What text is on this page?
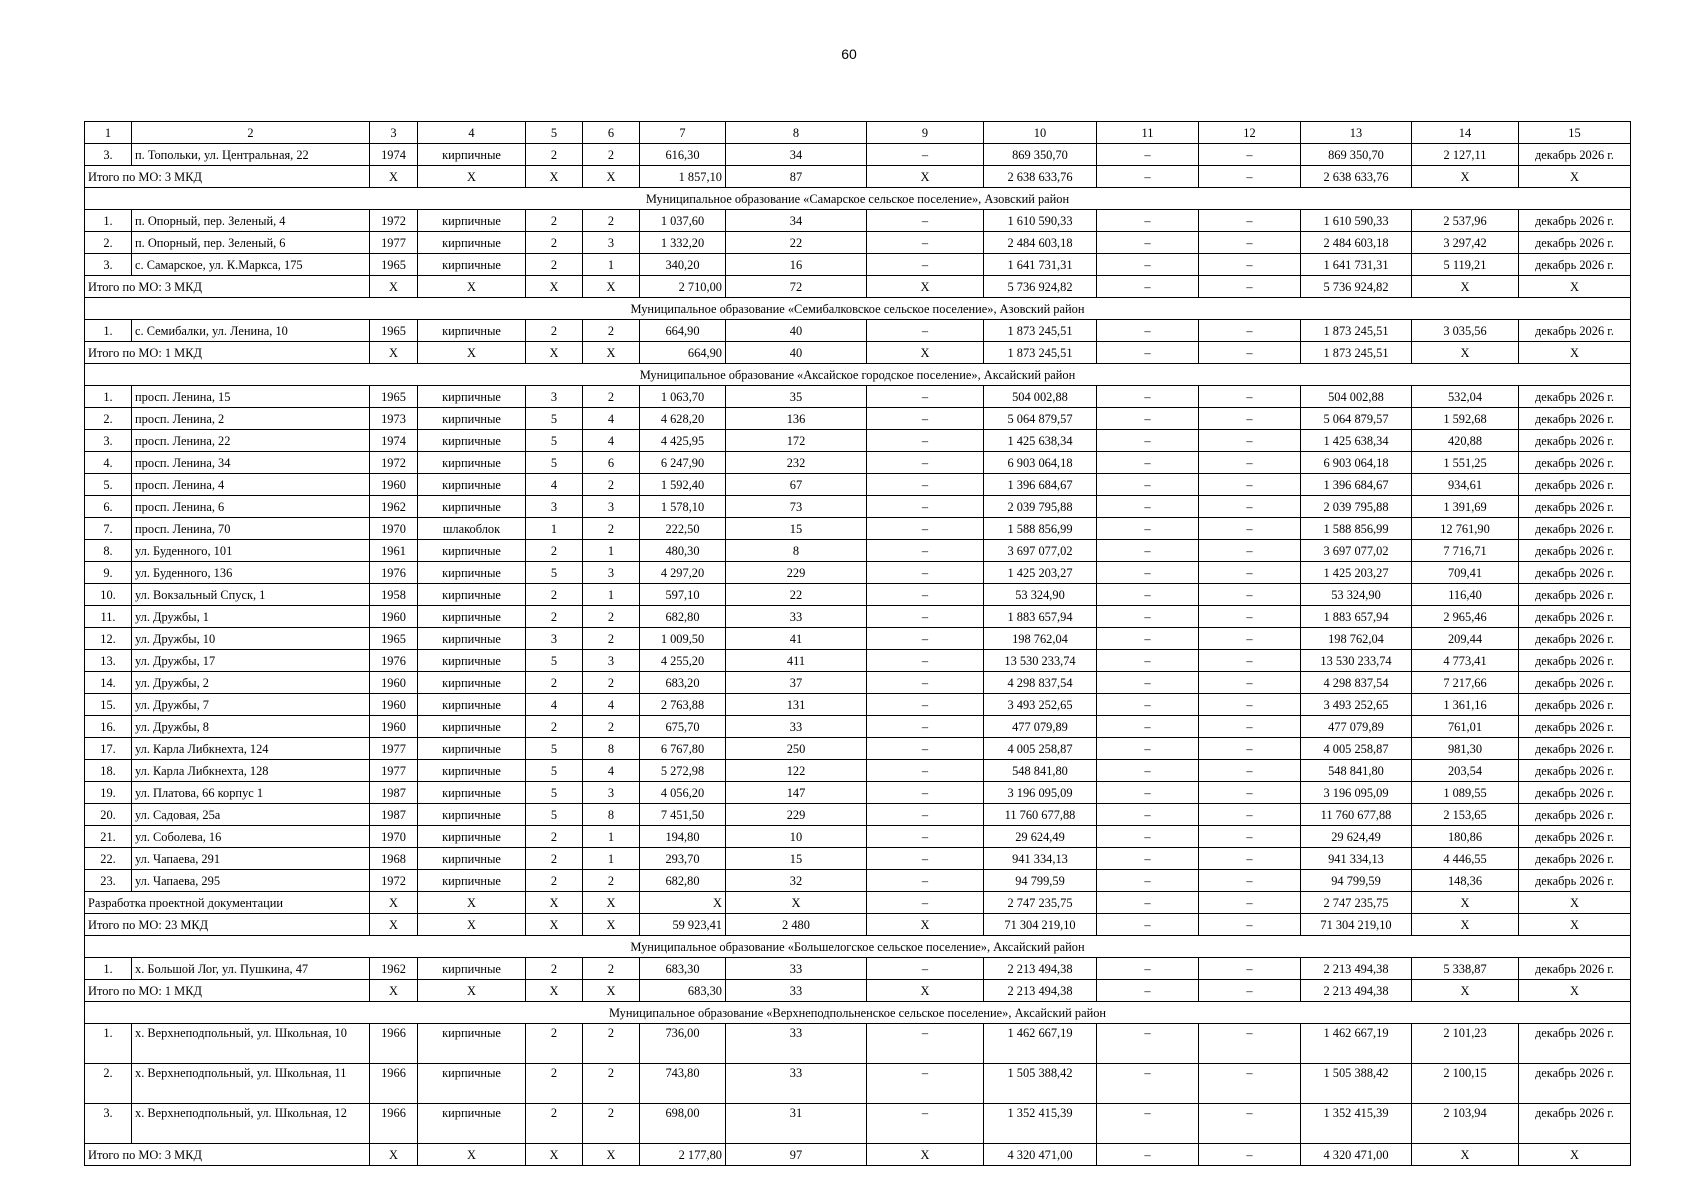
60
1	2	3	4	5	6	7	8	9	10	11	12	13	14	15
3.	п. Топольки, ул. Центральная, 22	1974	кирпичные	2	2	616,30	34	–	869 350,70	–	–	869 350,70	2 127,11	декабрь 2026 г.
Итого по МО: 3 МКД		X	X	X	X	1 857,10	87	X	2 638 633,76	–	–	2 638 633,76	X	X
Муниципальное образование «Самарское сельское поселение», Азовский район														
1.	п. Опорный, пер. Зеленый, 4	1972	кирпичные	2	2	1 037,60	34	–	1 610 590,33	–	–	1 610 590,33	2 537,96	декабрь 2026 г.
2.	п. Опорный, пер. Зеленый, 6	1977	кирпичные	2	3	1 332,20	22	–	2 484 603,18	–	–	2 484 603,18	3 297,42	декабрь 2026 г.
3.	с. Самарское, ул. К.Маркса, 175	1965	кирпичные	2	1	340,20	16	–	1 641 731,31	–	–	1 641 731,31	5 119,21	декабрь 2026 г.
Итого по МО: 3 МКД		X	X	X	X	2 710,00	72	X	5 736 924,82	–	–	5 736 924,82	X	X
Муниципальное образование «Семибалковское сельское поселение», Азовский район														
1.	с. Семибалки, ул. Ленина, 10	1965	кирпичные	2	2	664,90	40	–	1 873 245,51	–	–	1 873 245,51	3 035,56	декабрь 2026 г.
Итого по МО: 1 МКД		X	X	X	X	664,90	40	X	1 873 245,51	–	–	1 873 245,51	X	X
Муниципальное образование «Аксайское городское поселение», Аксайский район														
1.	просп. Ленина, 15	1965	кирпичные	3	2	1 063,70	35	–	504 002,88	–	–	504 002,88	532,04	декабрь 2026 г.
2.	просп. Ленина, 2	1973	кирпичные	5	4	4 628,20	136	–	5 064 879,57	–	–	5 064 879,57	1 592,68	декабрь 2026 г.
3.	просп. Ленина, 22	1974	кирпичные	5	4	4 425,95	172	–	1 425 638,34	–	–	1 425 638,34	420,88	декабрь 2026 г.
4.	просп. Ленина, 34	1972	кирпичные	5	6	6 247,90	232	–	6 903 064,18	–	–	6 903 064,18	1 551,25	декабрь 2026 г.
5.	просп. Ленина, 4	1960	кирпичные	4	2	1 592,40	67	–	1 396 684,67	–	–	1 396 684,67	934,61	декабрь 2026 г.
6.	просп. Ленина, 6	1962	кирпичные	3	3	1 578,10	73	–	2 039 795,88	–	–	2 039 795,88	1 391,69	декабрь 2026 г.
7.	просп. Ленина, 70	1970	шлакоблок	1	2	222,50	15	–	1 588 856,99	–	–	1 588 856,99	12 761,90	декабрь 2026 г.
8.	ул. Буденного, 101	1961	кирпичные	2	1	480,30	8	–	3 697 077,02	–	–	3 697 077,02	7 716,71	декабрь 2026 г.
9.	ул. Буденного, 136	1976	кирпичные	5	3	4 297,20	229	–	1 425 203,27	–	–	1 425 203,27	709,41	декабрь 2026 г.
10.	ул. Вокзальный Спуск, 1	1958	кирпичные	2	1	597,10	22	–	53 324,90	–	–	53 324,90	116,40	декабрь 2026 г.
11.	ул. Дружбы, 1	1960	кирпичные	2	2	682,80	33	–	1 883 657,94	–	–	1 883 657,94	2 965,46	декабрь 2026 г.
12.	ул. Дружбы, 10	1965	кирпичные	3	2	1 009,50	41	–	198 762,04	–	–	198 762,04	209,44	декабрь 2026 г.
13.	ул. Дружбы, 17	1976	кирпичные	5	3	4 255,20	411	–	13 530 233,74	–	–	13 530 233,74	4 773,41	декабрь 2026 г.
14.	ул. Дружбы, 2	1960	кирпичные	2	2	683,20	37	–	4 298 837,54	–	–	4 298 837,54	7 217,66	декабрь 2026 г.
15.	ул. Дружбы, 7	1960	кирпичные	4	4	2 763,88	131	–	3 493 252,65	–	–	3 493 252,65	1 361,16	декабрь 2026 г.
16.	ул. Дружбы, 8	1960	кирпичные	2	2	675,70	33	–	477 079,89	–	–	477 079,89	761,01	декабрь 2026 г.
17.	ул. Карла Либкнехта, 124	1977	кирпичные	5	8	6 767,80	250	–	4 005 258,87	–	–	4 005 258,87	981,30	декабрь 2026 г.
18.	ул. Карла Либкнехта, 128	1977	кирпичные	5	4	5 272,98	122	–	548 841,80	–	–	548 841,80	203,54	декабрь 2026 г.
19.	ул. Платова, 66 корпус 1	1987	кирпичные	5	3	4 056,20	147	–	3 196 095,09	–	–	3 196 095,09	1 089,55	декабрь 2026 г.
20.	ул. Садовая, 25а	1987	кирпичные	5	8	7 451,50	229	–	11 760 677,88	–	–	11 760 677,88	2 153,65	декабрь 2026 г.
21.	ул. Соболева, 16	1970	кирпичные	2	1	194,80	10	–	29 624,49	–	–	29 624,49	180,86	декабрь 2026 г.
22.	ул. Чапаева, 291	1968	кирпичные	2	1	293,70	15	–	941 334,13	–	–	941 334,13	4 446,55	декабрь 2026 г.
23.	ул. Чапаева, 295	1972	кирпичные	2	2	682,80	32	–	94 799,59	–	–	94 799,59	148,36	декабрь 2026 г.
Разработка проектной документации		X	X	X	X	X	X	–	2 747 235,75	–	–	2 747 235,75	X	X
Итого по МО: 23 МКД		X	X	X	X	59 923,41	2 480	X	71 304 219,10	–	–	71 304 219,10	X	X
Муниципальное образование «Большелогское сельское поселение», Аксайский район														
1.	х. Большой Лог, ул. Пушкина, 47	1962	кирпичные	2	2	683,30	33	–	2 213 494,38	–	–	2 213 494,38	5 338,87	декабрь 2026 г.
Итого по МО: 1 МКД		X	X	X	X	683,30	33	X	2 213 494,38	–	–	2 213 494,38	X	X
Муниципальное образование «Верхнеподпольненское сельское поселение», Аксайский район														
1.	х. Верхнеподпольный, ул. Школьная, 10	1966	кирпичные	2	2	736,00	33	–	1 462 667,19	–	–	1 462 667,19	2 101,23	декабрь 2026 г.
2.	х. Верхнеподпольный, ул. Школьная, 11	1966	кирпичные	2	2	743,80	33	–	1 505 388,42	–	–	1 505 388,42	2 100,15	декабрь 2026 г.
3.	х. Верхнеподпольный, ул. Школьная, 12	1966	кирпичные	2	2	698,00	31	–	1 352 415,39	–	–	1 352 415,39	2 103,94	декабрь 2026 г.
Итого по МО: 3 МКД		X	X	X	X	2 177,80	97	X	4 320 471,00	–	–	4 320 471,00	X	X
